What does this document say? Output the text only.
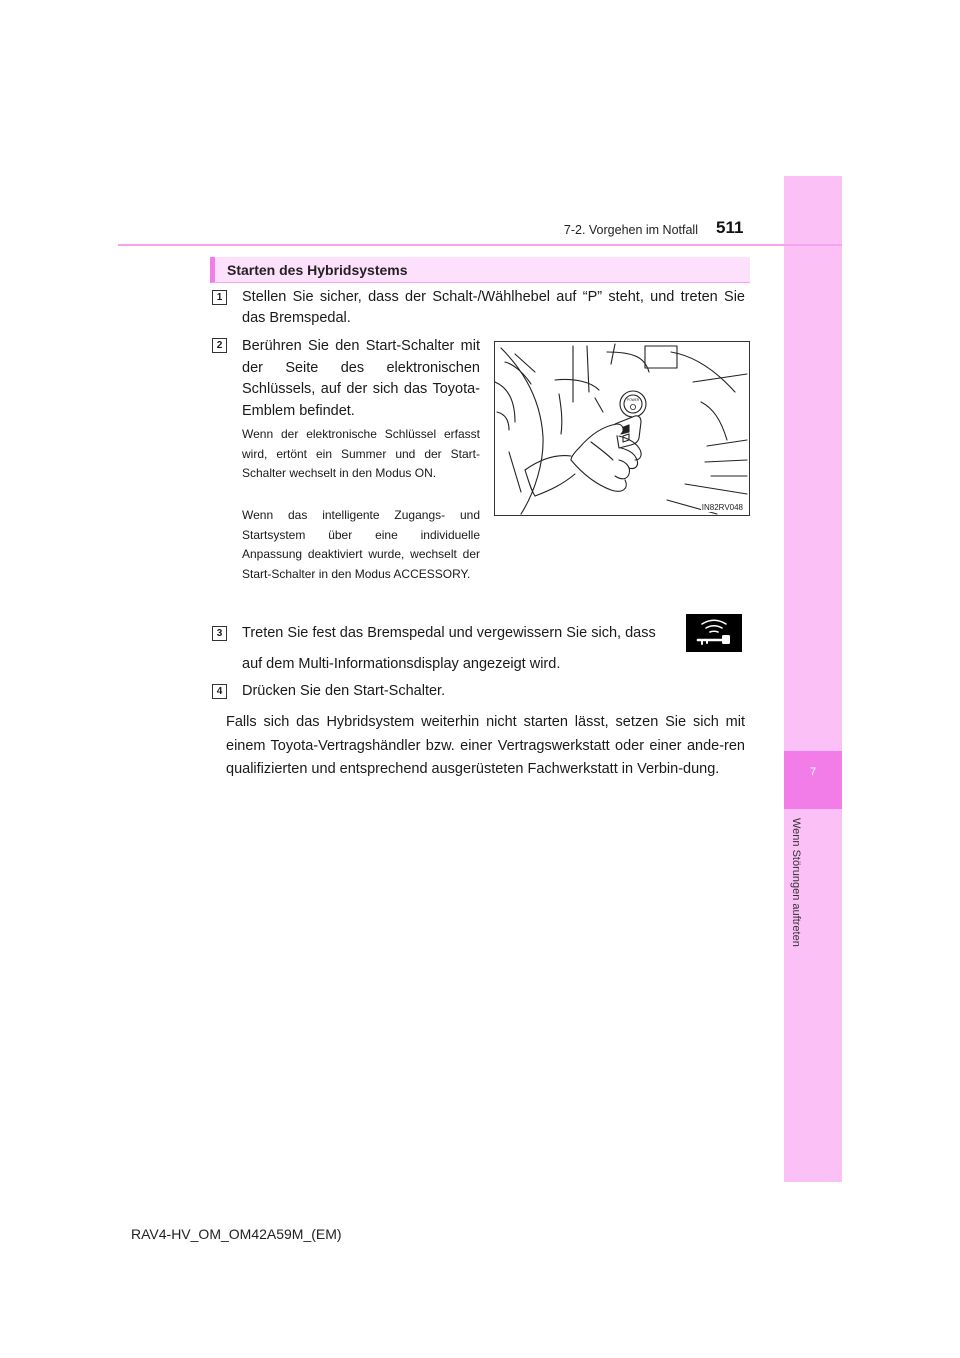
7
Wenn Störungen auftreten
7-2. Vorgehen im Notfall 511
Starten des Hybridsystems
1	Stellen Sie sicher, dass der Schalt-/Wählhebel auf “P” steht, und treten Sie das Bremspedal.
2	Berühren Sie den Start-Schalter mit der Seite des elektronischen Schlüssels, auf der sich das Toyota-Emblem befindet.
Wenn der elektronische Schlüssel erfasst wird, ertönt ein Summer und der Start-Schalter wechselt in den Modus ON.
Wenn das intelligente Zugangs- und Startsystem über eine individuelle Anpassung deaktiviert wurde, wechselt der Start-Schalter in den Modus ACCESSORY.
POWER
IN82RV048
3	Treten Sie fest das Bremspedal und vergewissern Sie sich, dass
auf dem Multi-Informationsdisplay angezeigt wird.
4	Drücken Sie den Start-Schalter.
Falls sich das Hybridsystem weiterhin nicht starten lässt, setzen Sie sich mit einem Toyota-Vertragshändler bzw. einer Vertragswerkstatt oder einer ande-ren qualifizierten und entsprechend ausgerüsteten Fachwerkstatt in Verbin-dung.
RAV4-HV_OM_OM42A59M_(EM)
